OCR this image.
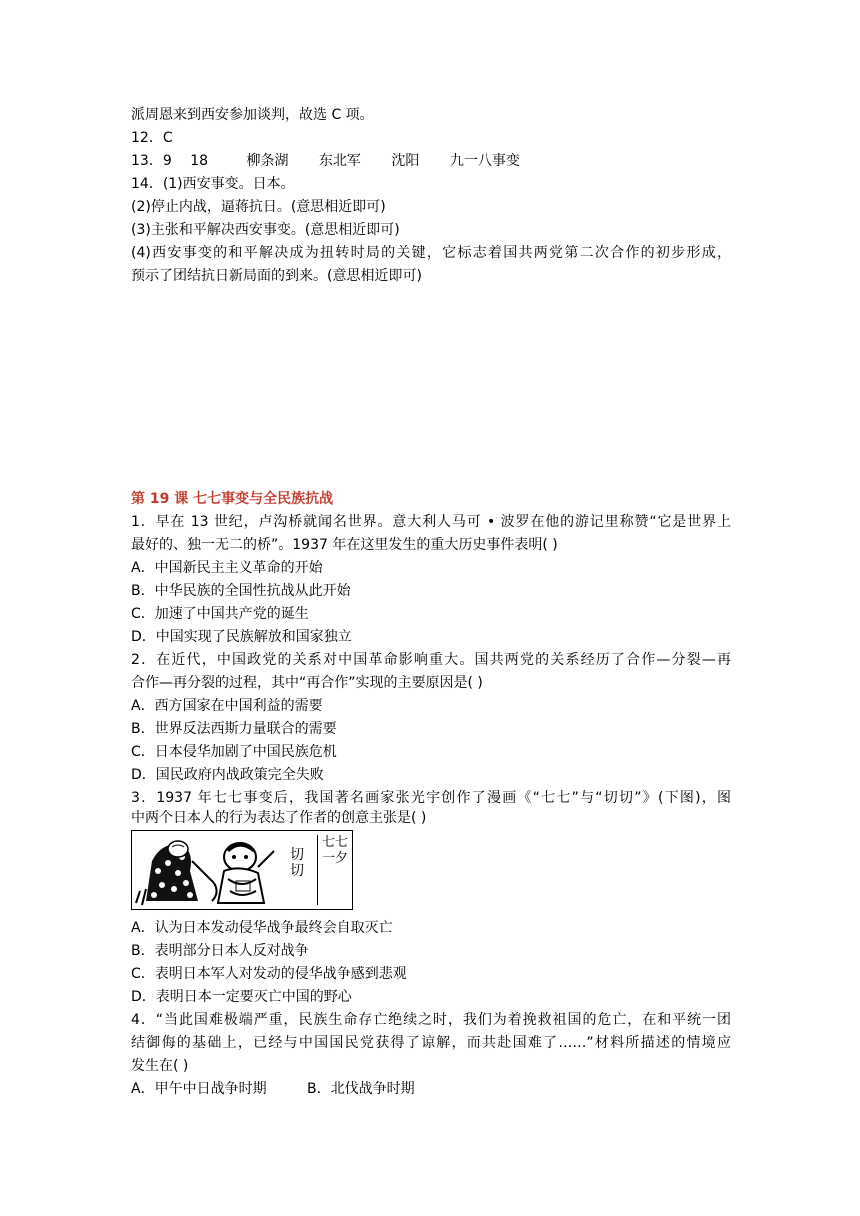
派周恩来到西安参加谈判，故选 C 项。
12．C
13．9 18	柳条湖 东北军 沈阳 九一八事变
14．(1)西安事变。日本。
(2)停止内战，逼蒋抗日。(意思相近即可)
(3)主张和平解决西安事变。(意思相近即可)
(4)西安事变的和平解决成为扭转时局的关键，它标志着国共两党第二次合作的初步形成，
预示了团结抗日新局面的到来。(意思相近即可)
第 19 课 七七事变与全民族抗战
1．早在 13 世纪，卢沟桥就闻名世界。意大利人马可 • 波罗在他的游记里称赞“它是世界上
最好的、独一无二的桥”。1937 年在这里发生的重大历史事件表明( )
A．中国新民主主义革命的开始
B．中华民族的全国性抗战从此开始
C．加速了中国共产党的诞生
D．中国实现了民族解放和国家独立
2．在近代，中国政党的关系对中国革命影响重大。国共两党的关系经历了合作—分裂—再
合作—再分裂的过程，其中“再合作”实现的主要原因是( )
A．西方国家在中国利益的需要
B．世界反法西斯力量联合的需要
C．日本侵华加剧了中国民族危机
D．国民政府内战政策完全失败
3．1937 年七七事变后，我国著名画家张光宇创作了漫画《“七七”与“切切”》(下图)，图
中两个日本人的行为表达了作者的创意主张是( )
切切
七七一夕
A．认为日本发动侵华战争最终会自取灭亡
B．表明部分日本人反对战争
C．表明日本军人对发动的侵华战争感到悲观
D．表明日本一定要灭亡中国的野心
4．“当此国难极端严重，民族生命存亡绝续之时，我们为着挽救祖国的危亡，在和平统一团
结御侮的基础上，已经与中国国民党获得了谅解，而共赴国难了……”材料所描述的情境应
发生在( )
A．甲午中日战争时期	B．北伐战争时期
